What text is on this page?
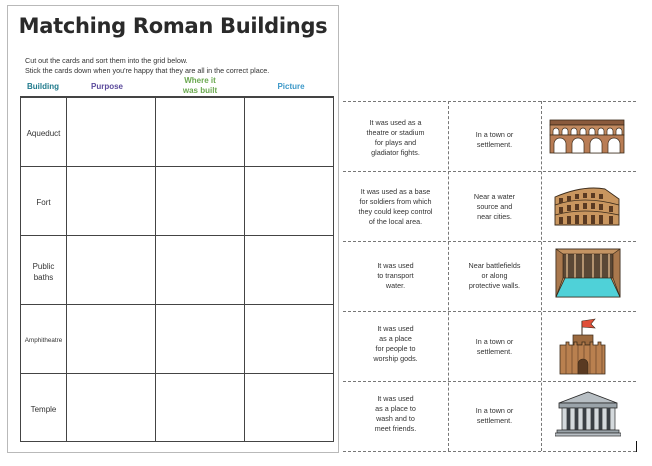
Matching Roman Buildings
Cut out the cards and sort them into the grid below.
Stick the cards down when you're happy that they are all in the correct place.
Building	Purpose
Where it
was built	Picture
Aqueduct
Fort
Public
baths
Amphitheatre
Temple
It was used as a
theatre or stadium
for plays and
gladiator fights.
In a town or
settlement.
It was used as a base
for soldiers from which
they could keep control
of the local area.
Near a water
source and
near cities.
It was used
to transport
water.
Near battlefields
or along
protective walls.
It was used
as a place
for people to
worship gods.
In a town or
settlement.
It was used
as a place to
wash and to
meet friends.
In a town or
settlement.
